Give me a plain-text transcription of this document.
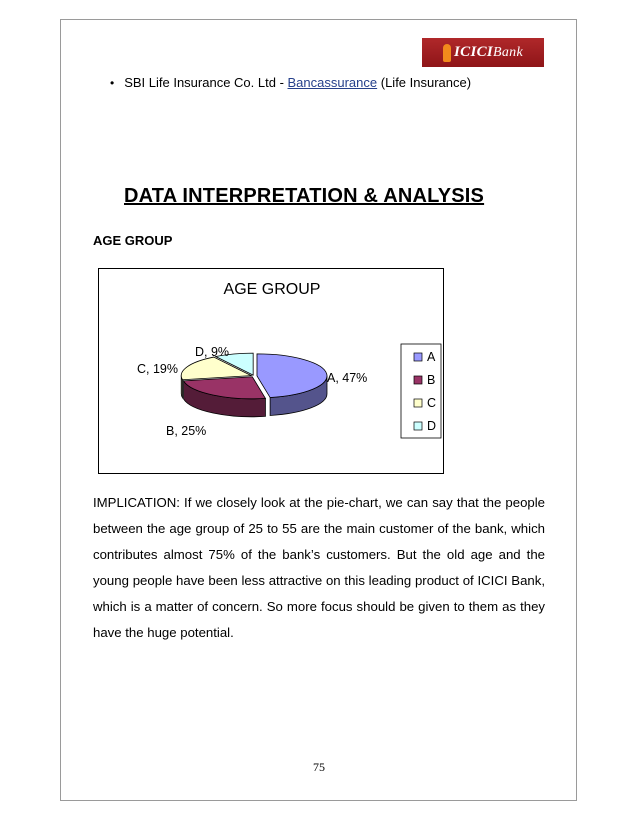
ICICIBank
• SBI Life Insurance Co. Ltd - Bancassurance (Life Insurance)
DATA INTERPRETATION & ANALYSIS
AGE GROUP
AGE GROUP
A, 47%
B, 25%
C, 19%
D, 9%	A
B
C
D
IMPLICATION: If we closely look at the pie-chart, we can say that the people between the age group of 25 to 55 are the main customer of the bank, which contributes almost 75% of the bank’s customers. But the old age and the young people have been less attractive on this leading product of ICICI Bank, which is a matter of concern. So more focus should be given to them as they have the huge potential.
75
